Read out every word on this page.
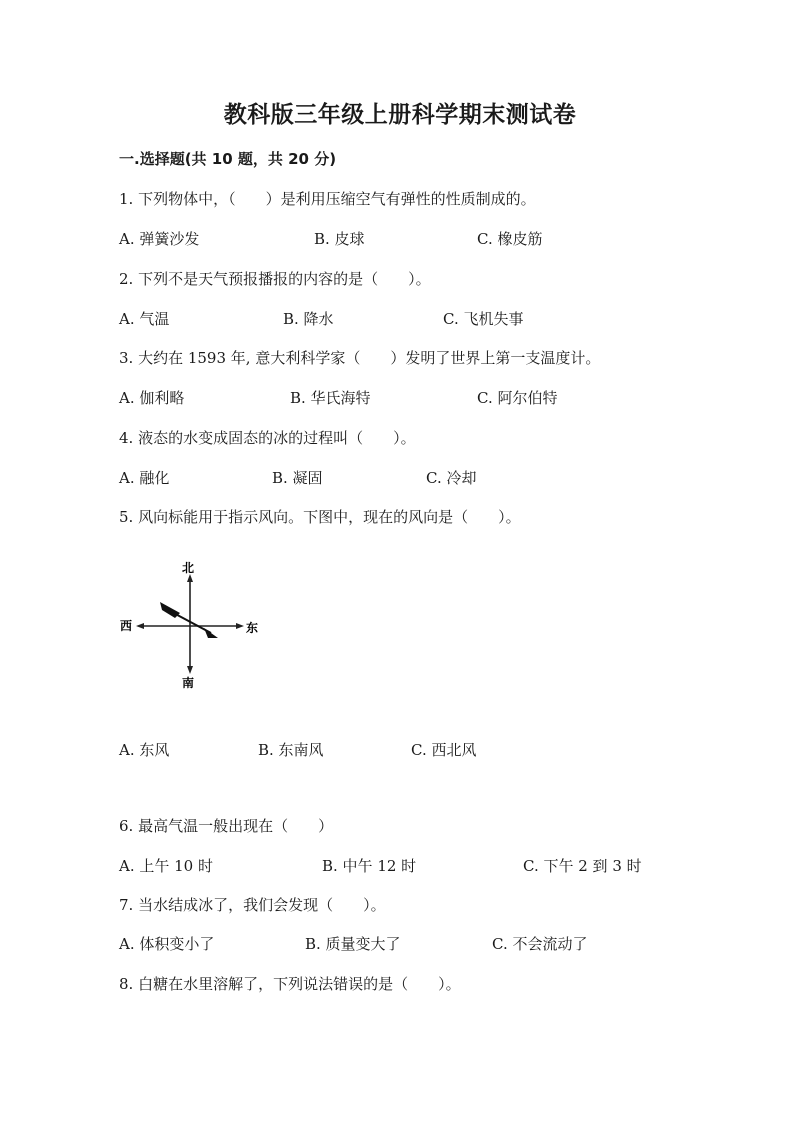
教科版三年级上册科学期末测试卷
一.选择题(共 10 题，共 20 分)
1. 下列物体中，（　　）是利用压缩空气有弹性的性质制成的。
A. 弹簧沙发	B. 皮球	C. 橡皮筋
2. 下列不是天气预报播报的内容的是（　　）。
A. 气温	B. 降水	C. 飞机失事
3. 大约在 1593 年, 意大利科学家（　　）发明了世界上第一支温度计。
A. 伽利略	B. 华氏海特	C. 阿尔伯特
4. 液态的水变成固态的冰的过程叫（　　）。
A. 融化	B. 凝固	C. 冷却
5. 风向标能用于指示风向。下图中，现在的风向是（　　）。
北
南
西	东
A. 东风	B. 东南风	C. 西北风
6. 最高气温一般出现在（　　）
A. 上午 10 时	B. 中午 12 时	C. 下午 2 到 3 时
7. 当水结成冰了，我们会发现（　　）。
A. 体积变小了	B. 质量变大了	C. 不会流动了
8. 白糖在水里溶解了，下列说法错误的是（　　）。
